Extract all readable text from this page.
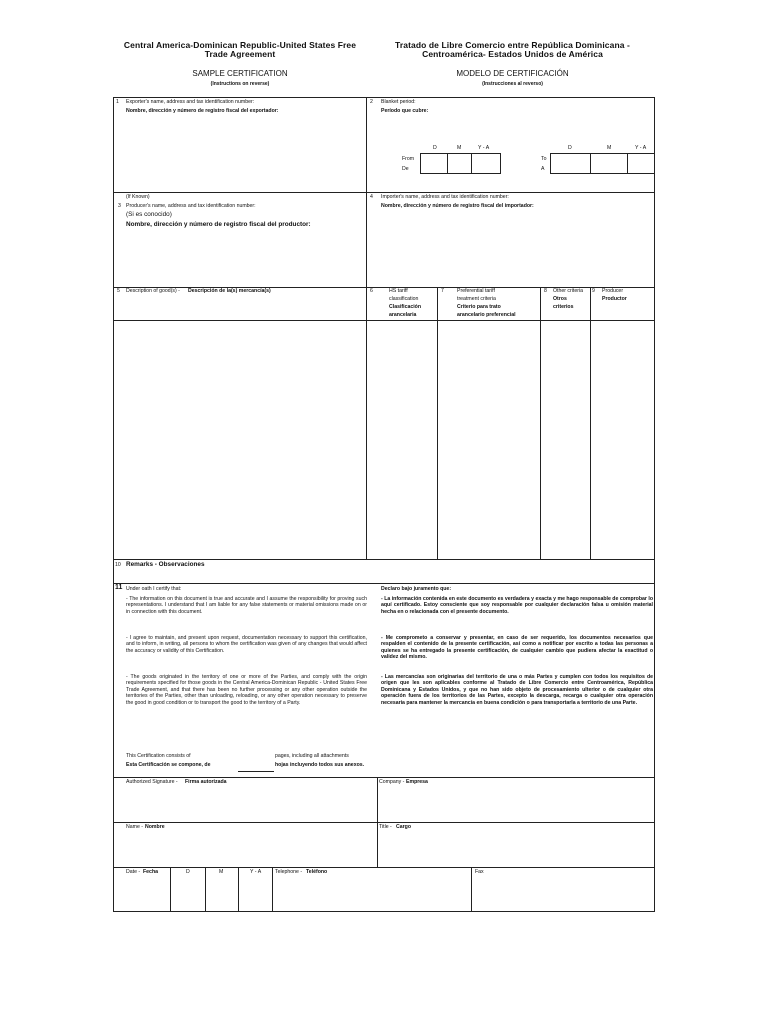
Central America-Dominican Republic-United States Free Trade Agreement
Tratado de Libre Comercio entre República Dominicana -Centroamérica- Estados Unidos de América
SAMPLE CERTIFICATION	MODELO DE CERTIFICACIÓN
(Instructions on reverse)	(Instrucciones al reverso)
1 Exporter's name, address and tax identification number:
Nombre, dirección y número de registro fiscal del exportador:
2 Blanket period:
Período que cubre:
D	M	Y - A	D	M	Y - A
From
De
To
A
(If Known)
3 Producer's name, address and tax identification number:
(Si es conocido)
Nombre, dirección y número de registro fiscal del productor:
4 Importer's name, address and tax identification number:
Nombre, dirección y número de registro fiscal del importador:
5 Description of good(s) - Descripción de la(s) mercancía(s)	6	HS tariff
classification
Clasificación
arancelaria
7	Preferential tariff
treatment criteria
Criterio para trato
arancelario preferencial
8 Other criteria
Otros
criterios
9 Producer
Productor
10 Remarks - Observaciones
11 Under oath I certify that:	Declaro bajo juramento que:
- The information on this document is true and accurate and I assume the responsibility for proving such representations. I understand that I am liable for any false statements or material omissions made on or in connection with this document.
- La información contenida en este documento es verdadera y exacta y me hago responsable de comprobar lo aquí certificado. Estoy consciente que soy responsable por cualquier declaración falsa u omisión material hecha en o relacionada con el presente documento.
- I agree to maintain, and present upon request, documentation necessary to support this certification, and to inform, in writing, all persons to whom the certification was given of any changes that would affect the accuracy or validity of this Certification.
- Me comprometo a conservar y presentar, en caso de ser requerido, los documentos necesarios que respalden el contenido de la presente certificación, así como a notificar por escrito a todas las personas a quienes se ha entregado la presente certificación, de cualquier cambio que pudiera afectar la exactitud o validez del mismo.
- The goods originated in the territory of one or more of the Parties, and comply with the origin requirements specified for those goods in the Central America-Dominican Republic - United States Free Trade Agreement, and that there has been no further processing or any other operation outside the territories of the Parties, other than unloading, reloading, or any other operation necessary to preserve the good in good condition or to transport the good to the territory of a Party.
- Las mercancías son originarias del territorio de una o más Partes y cumplen con todos los requisitos de origen que les son aplicables conforme al Tratado de Libre Comercio entre Centroamérica, República Dominicana y Estados Unidos, y que no han sido objeto de procesamiento ulterior o de cualquier otra operación fuera de los territorios de las Partes, excepto la descarga, recarga o cualquier otra operación necesaria para mantener la mercancía en buena condición o para transportarla a territorio de una Parte.
This Certification consists of	pages, including all attachments
Esta Certificación se compone, de	hojas incluyendo todos sus anexos.
Authorized Signature - Firma autorizada	Company - Empresa
Name - Nombre	Title - Cargo
Date - Fecha	D	M	Y - A	Telephone - Teléfono	Fax
